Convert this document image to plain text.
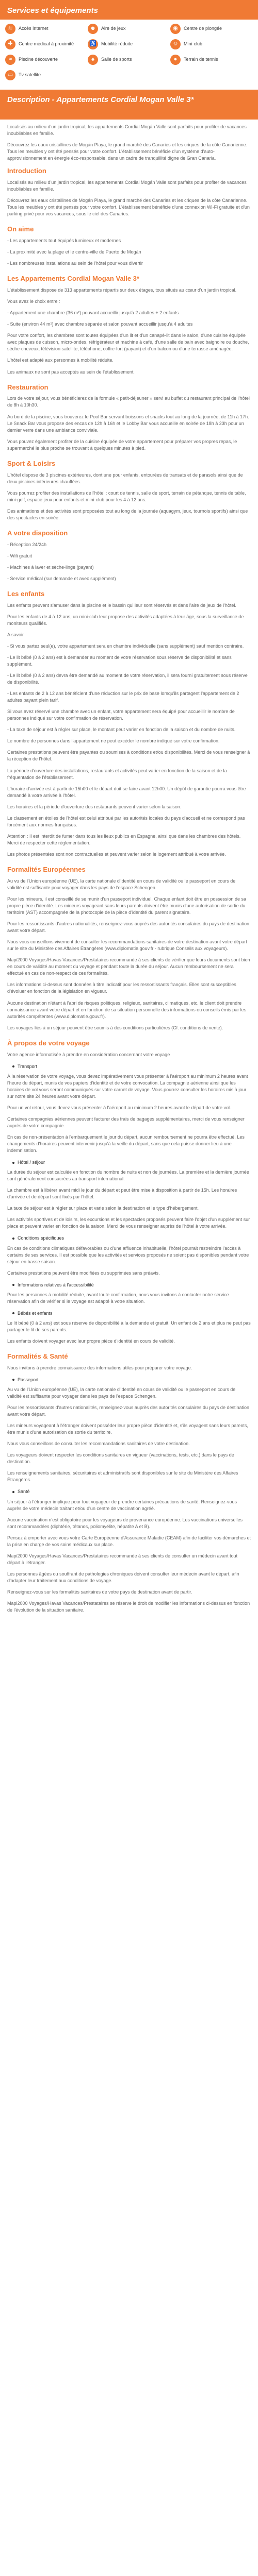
Services et équipements
≋	Accès Internet	☻	Aire de jeux	◉	Centre de plongée
✚	Centre médical à proximité	♿	Mobilité réduite	☺	Mini-club
≈	Piscine découverte	♠	Salle de sports	●	Terrain de tennis
▭	Tv satellite
Description - Appartements Cordial Mogan Valle 3*

Localisés au milieu d'un jardin tropical, les appartements Cordial Mogán Valle sont parfaits pour profiter de vacances inoubliables en famille.

Découvrez les eaux cristallines de Mogán Playa, le grand marché des Canaries et les criques de la côte Canarienne. Tous les meubles y ont été pensés pour votre confort. L'établissement bénéficie d'un système d'auto-approvisionnement en énergie éco-responsable, dans un cadre de tranquillité digne de Gran Canaria.

Introduction

Localisés au milieu d'un jardin tropical, les appartements Cordial Mogán Valle sont parfaits pour profiter de vacances inoubliables en famille.

Découvrez les eaux cristallines de Mogán Playa, le grand marché des Canaries et les criques de la côte Canarienne. Tous les meubles y ont été pensés pour votre confort. L'établissement bénéficie d'une connexion Wi-Fi gratuite et d'un parking privé pour vos vacances, sous le ciel des Canaries.

On aime

- Les appartements tout équipés lumineux et modernes

- La proximité avec la plage et le centre-ville de Puerto de Mogán

- Les nombreuses installations au sein de l'hôtel pour vous divertir

Les Appartements Cordial Mogan Valle 3*

L'établissement dispose de 313 appartements répartis sur deux étages, tous situés au cœur d'un jardin tropical.

Vous avez le choix entre :

- Appartement une chambre (36 m²) pouvant accueillir jusqu'à 2 adultes + 2 enfants

- Suite (environ 44 m²) avec chambre séparée et salon pouvant accueillir jusqu'à 4 adultes

Pour votre confort, les chambres sont toutes équipées d'un lit et d'un canapé-lit dans le salon, d'une cuisine équipée avec plaques de cuisson, micro-ondes, réfrigérateur et machine à café, d'une salle de bain avec baignoire ou douche, sèche-cheveux, télévision satellite, téléphone, coffre-fort (payant) et d'un balcon ou d'une terrasse aménagée.

L'hôtel est adapté aux personnes à mobilité réduite.

Les animaux ne sont pas acceptés au sein de l'établissement.

Restauration

Lors de votre séjour, vous bénéficierez de la formule « petit-déjeuner » servi au buffet du restaurant principal de l'hôtel de 8h à 10h30.

Au bord de la piscine, vous trouverez le Pool Bar servant boissons et snacks tout au long de la journée, de 11h à 17h. Le Snack Bar vous propose des encas de 12h à 16h et le Lobby Bar vous accueille en soirée de 18h à 23h pour un dernier verre dans une ambiance conviviale.

Vous pouvez également profiter de la cuisine équipée de votre appartement pour préparer vos propres repas, le supermarché le plus proche se trouvant à quelques minutes à pied.

Sport & Loisirs

L'hôtel dispose de 3 piscines extérieures, dont une pour enfants, entourées de transats et de parasols ainsi que de deux piscines intérieures chauffées.

Vous pourrez profiter des installations de l'hôtel : court de tennis, salle de sport, terrain de pétanque, tennis de table, mini-golf, espace jeux pour enfants et mini-club pour les 4 à 12 ans.

Des animations et des activités sont proposées tout au long de la journée (aquagym, jeux, tournois sportifs) ainsi que des spectacles en soirée.

A votre disposition

- Réception 24/24h

- Wifi gratuit

- Machines à laver et sèche-linge (payant)

- Service médical (sur demande et avec supplément)

Les enfants

Les enfants peuvent s'amuser dans la piscine et le bassin qui leur sont réservés et dans l'aire de jeux de l'hôtel.

Pour les enfants de 4 à 12 ans, un mini-club leur propose des activités adaptées à leur âge, sous la surveillance de moniteurs qualifiés.

A savoir

- Si vous partez seul(e), votre appartement sera en chambre individuelle (sans supplément) sauf mention contraire.

- Le lit bébé (0 à 2 ans) est à demander au moment de votre réservation sous réserve de disponibilité et sans supplément.

- Le lit bébé (0 à 2 ans) devra être demandé au moment de votre réservation, il sera fourni gratuitement sous réserve de disponibilité.

- Les enfants de 2 à 12 ans bénéficient d'une réduction sur le prix de base lorsqu'ils partagent l'appartement de 2 adultes payant plein tarif.

Si vous avez réservé une chambre avec un enfant, votre appartement sera équipé pour accueillir le nombre de personnes indiqué sur votre confirmation de réservation.

- La taxe de séjour est à régler sur place, le montant peut varier en fonction de la saison et du nombre de nuits.

Le nombre de personnes dans l'appartement ne peut excéder le nombre indiqué sur votre confirmation.

Certaines prestations peuvent être payantes ou soumises à conditions et/ou disponibilités. Merci de vous renseigner à la réception de l'hôtel.

La période d'ouverture des installations, restaurants et activités peut varier en fonction de la saison et de la fréquentation de l'établissement.

L'horaire d'arrivée est à partir de 15h00 et le départ doit se faire avant 12h00. Un dépôt de garantie pourra vous être demandé à votre arrivée à l'hôtel.

Les horaires et la période d'ouverture des restaurants peuvent varier selon la saison.

Le classement en étoiles de l'hôtel est celui attribué par les autorités locales du pays d'accueil et ne correspond pas forcément aux normes françaises.

Attention : Il est interdit de fumer dans tous les lieux publics en Espagne, ainsi que dans les chambres des hôtels. Merci de respecter cette réglementation.

Les photos présentées sont non contractuelles et peuvent varier selon le logement attribué à votre arrivée.

Formalités Européennes

Au vu de l'Union européenne (UE), la carte nationale d'identité en cours de validité ou le passeport en cours de validité est suffisante pour voyager dans les pays de l'espace Schengen.

Pour les mineurs, il est conseillé de se munir d'un passeport individuel. Chaque enfant doit être en possession de sa propre pièce d'identité. Les mineurs voyageant sans leurs parents doivent être munis d'une autorisation de sortie du territoire (AST) accompagnée de la photocopie de la pièce d'identité du parent signataire.

Pour les ressortissants d'autres nationalités, renseignez-vous auprès des autorités consulaires du pays de destination avant votre départ.

Nous vous conseillons vivement de consulter les recommandations sanitaires de votre destination avant votre départ sur le site du Ministère des Affaires Étrangères (www.diplomatie.gouv.fr - rubrique Conseils aux voyageurs).

Mapi2000 Voyages/Havas Vacances/Prestataires recommande à ses clients de vérifier que leurs documents sont bien en cours de validité au moment du voyage et pendant toute la durée du séjour. Aucun remboursement ne sera effectué en cas de non-respect de ces formalités.

Les informations ci-dessus sont données à titre indicatif pour les ressortissants français. Elles sont susceptibles d'évoluer en fonction de la législation en vigueur.

Aucune destination n'étant à l'abri de risques politiques, religieux, sanitaires, climatiques, etc. le client doit prendre connaissance avant votre départ et en fonction de sa situation personnelle des informations ou conseils émis par les autorités compétentes (www.diplomatie.gouv.fr).

Les voyages liés à un séjour peuvent être soumis à des conditions particulières (Cf. conditions de vente).

À propos de votre voyage

Votre agence informatisée à prendre en considération concernant votre voyage

Transport

À la réservation de votre voyage, vous devez impérativement vous présenter à l'aéroport au minimum 2 heures avant l'heure du départ, munis de vos papiers d'identité et de votre convocation. La compagnie aérienne ainsi que les horaires de vol vous seront communiqués sur votre carnet de voyage. Vous pourrez consulter les horaires mis à jour sur notre site 24 heures avant votre départ.

Pour un vol retour, vous devez vous présenter à l'aéroport au minimum 2 heures avant le départ de votre vol.

Certaines compagnies aériennes peuvent facturer des frais de bagages supplémentaires, merci de vous renseigner auprès de votre compagnie.

En cas de non-présentation à l'embarquement le jour du départ, aucun remboursement ne pourra être effectué. Les changements d'horaires peuvent intervenir jusqu'à la veille du départ, sans que cela puisse donner lieu à une indemnisation.

Hôtel / séjour

La durée du séjour est calculée en fonction du nombre de nuits et non de journées. La première et la dernière journée sont généralement consacrées au transport international.

La chambre est à libérer avant midi le jour du départ et peut être mise à disposition à partir de 15h. Les horaires d'arrivée et de départ sont fixés par l'hôtel.

La taxe de séjour est à régler sur place et varie selon la destination et le type d'hébergement.

Les activités sportives et de loisirs, les excursions et les spectacles proposés peuvent faire l'objet d'un supplément sur place et peuvent varier en fonction de la saison. Merci de vous renseigner auprès de l'hôtel à votre arrivée.

Conditions spécifiques

En cas de conditions climatiques défavorables ou d'une affluence inhabituelle, l'hôtel pourrait restreindre l'accès à certains de ses services. Il est possible que les activités et services proposés ne soient pas disponibles pendant votre séjour en basse saison.

Certaines prestations peuvent être modifiées ou supprimées sans préavis.

Informations relatives à l'accessibilité

Pour les personnes à mobilité réduite, avant toute confirmation, nous vous invitons à contacter notre service réservation afin de vérifier si le voyage est adapté à votre situation.

Bébés et enfants

Le lit bébé (0 à 2 ans) est sous réserve de disponibilité à la demande et gratuit. Un enfant de 2 ans et plus ne peut pas partager le lit de ses parents.

Les enfants doivent voyager avec leur propre pièce d'identité en cours de validité.

Formalités & Santé

Nous invitons à prendre connaissance des informations utiles pour préparer votre voyage.

Passeport

Au vu de l'Union européenne (UE), la carte nationale d'identité en cours de validité ou le passeport en cours de validité est suffisante pour voyager dans les pays de l'espace Schengen.

Pour les ressortissants d'autres nationalités, renseignez-vous auprès des autorités consulaires du pays de destination avant votre départ.

Les mineurs voyageant à l'étranger doivent posséder leur propre pièce d'identité et, s'ils voyagent sans leurs parents, être munis d'une autorisation de sortie du territoire.

Nous vous conseillons de consulter les recommandations sanitaires de votre destination.

Les voyageurs doivent respecter les conditions sanitaires en vigueur (vaccinations, tests, etc.) dans le pays de destination.

Les renseignements sanitaires, sécuritaires et administratifs sont disponibles sur le site du Ministère des Affaires Étrangères.

Santé

Un séjour à l'étranger implique pour tout voyageur de prendre certaines précautions de santé. Renseignez-vous auprès de votre médecin traitant et/ou d'un centre de vaccination agréé.

Aucune vaccination n'est obligatoire pour les voyageurs de provenance européenne. Les vaccinations universelles sont recommandées (diphtérie, tétanos, poliomyélite, hépatite A et B).

Pensez à emporter avec vous votre Carte Européenne d'Assurance Maladie (CEAM) afin de faciliter vos démarches et la prise en charge de vos soins médicaux sur place.

Mapi2000 Voyages/Havas Vacances/Prestataires recommande à ses clients de consulter un médecin avant tout départ à l'étranger.

Les personnes âgées ou souffrant de pathologies chroniques doivent consulter leur médecin avant le départ, afin d'adapter leur traitement aux conditions de voyage.

Renseignez-vous sur les formalités sanitaires de votre pays de destination avant de partir.

Mapi2000 Voyages/Havas Vacances/Prestataires se réserve le droit de modifier les informations ci-dessus en fonction de l'évolution de la situation sanitaire.
